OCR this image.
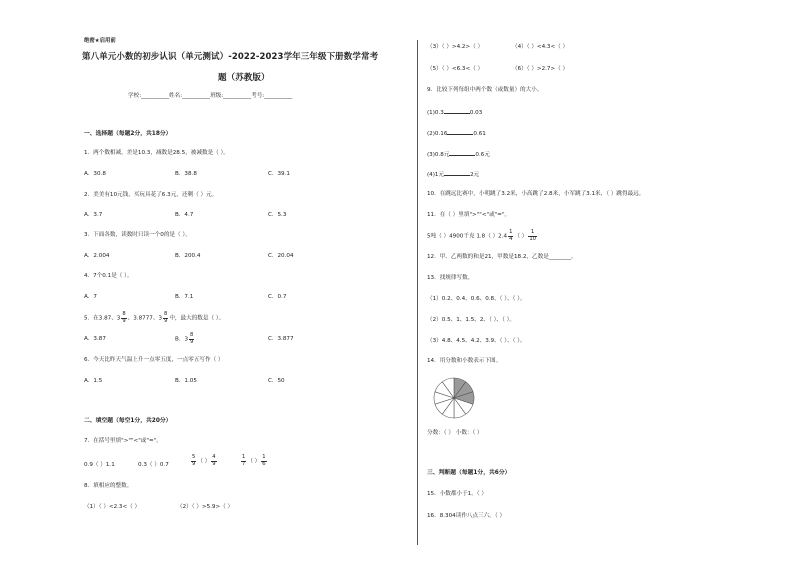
绝密★启用前
第八单元小数的初步认识（单元测试）-2022-2023学年三年级下册数学常考
题（苏教版）
学校:__________姓名:__________班级:__________考号:__________
一、选择题（每题2分，共18分）
1．两个数相减，差是10.3，减数是28.5，被减数是（ ）。
A．30.8	B．38.8	C．39.1
2．美美有10元钱，买玩具花了6.3元，还剩（ ）元。
A．3.7	B．4.7	C．5.3
3．下面各数，读数时只读一个0的是（ ）。
A．2.004	B．200.4	C．20.04
4．7个0.1是（ ）。
A．7	B．7.1	C．0.7
5．在3.87、$3 \frac{8}{9}$ 、3.8777、$3 \frac{8}{9}$ 中，最大的数是（ ）。
A．3.87	B．$3 \frac{8}{9}$	C．3.877
6．今天比昨天气温上升一点零五度，一点零五写作（ ）
A．1.5	B．1.05	C．50
二、填空题（每空1分，共20分）
7．在括号里填">""<"或"="。
0.9（ ）1.1	0.3（ ）0.7	$\frac{5}{9}$ （ ） $\frac{4}{9}$	$\frac{1}{7}$ （ ） $\frac{1}{6}$
8．填相应的整数。
（1）（ ）<2.3<（ ）	（2）（ ）>5.9>（ ）
（3）（ ）>4.2>（ ）	（4）（ ）<4.3<（ ）
（5）（ ）<6.3<（ ）	（6）（ ）>2.7>（ ）
9．比较下列每组中两个数（或数量）的大小。
(1)0.3	0.03
(2)0.16	0.61
(3)0.8元	0.6元
(4)1元	2元
10．在跳远比赛中，小明跳了3.2米，小高跳了2.8米，小军跳了3.1米，（ ）跳得最远。
11．在（ ）里填">""<"或"="。
5吨（ ）4900千克 1.8（ ）$2.4 \frac{1}{4}$ （ ） $\frac{1}{10}$
12．甲、乙两数的和是21，甲数是18.2，乙数是________。
13．找规律写数。
（1）0.2、0.4、0.6、0.8、（ ）、（ ）。
（2）0.5、1、1.5、2、（ ）、（ ）。
（3）4.8、4.5、4.2、3.9、（ ）、（ ）。
14．用分数和小数表示下图。
分数：（ ） 小数：（ ）
三、判断题（每题1分，共6分）
15．小数都小于1。（ ）
16．8.304读作八点三六。（ ）
